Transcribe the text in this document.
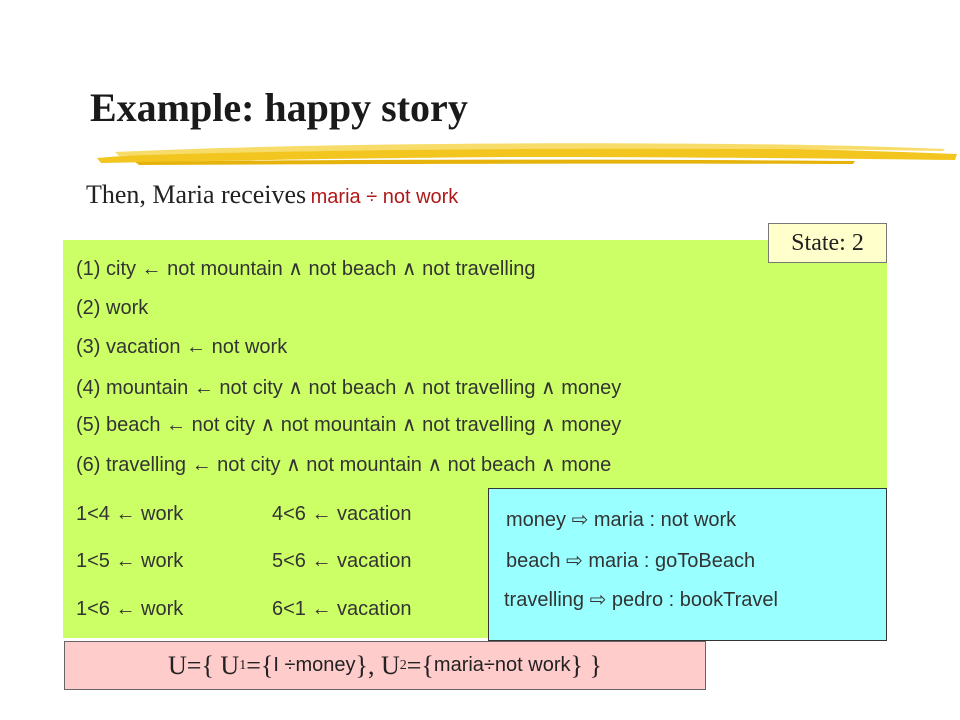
Example: happy story
Then, Maria receives maria ÷ not work
(1) city ← not mountain ∧ not beach ∧ not travelling
(2) work
(3) vacation ← not work
(4) mountain ← not city ∧ not beach ∧ not travelling ∧ money
(5) beach ← not city ∧ not mountain ∧ not travelling ∧ money
(6) travelling ← not city ∧ not mountain ∧ not beach ∧ mone
1<4 ← work	4<6 ← vacation
1<5 ← work	5<6 ← vacation
1<6 ← work	6<1 ← vacation
State: 2
money ⇨ maria : not work
beach ⇨ maria : goToBeach
travelling ⇨ pedro : bookTravel
U={ U 1 ={ I ÷money }, U 2 ={ maria÷not work } }
